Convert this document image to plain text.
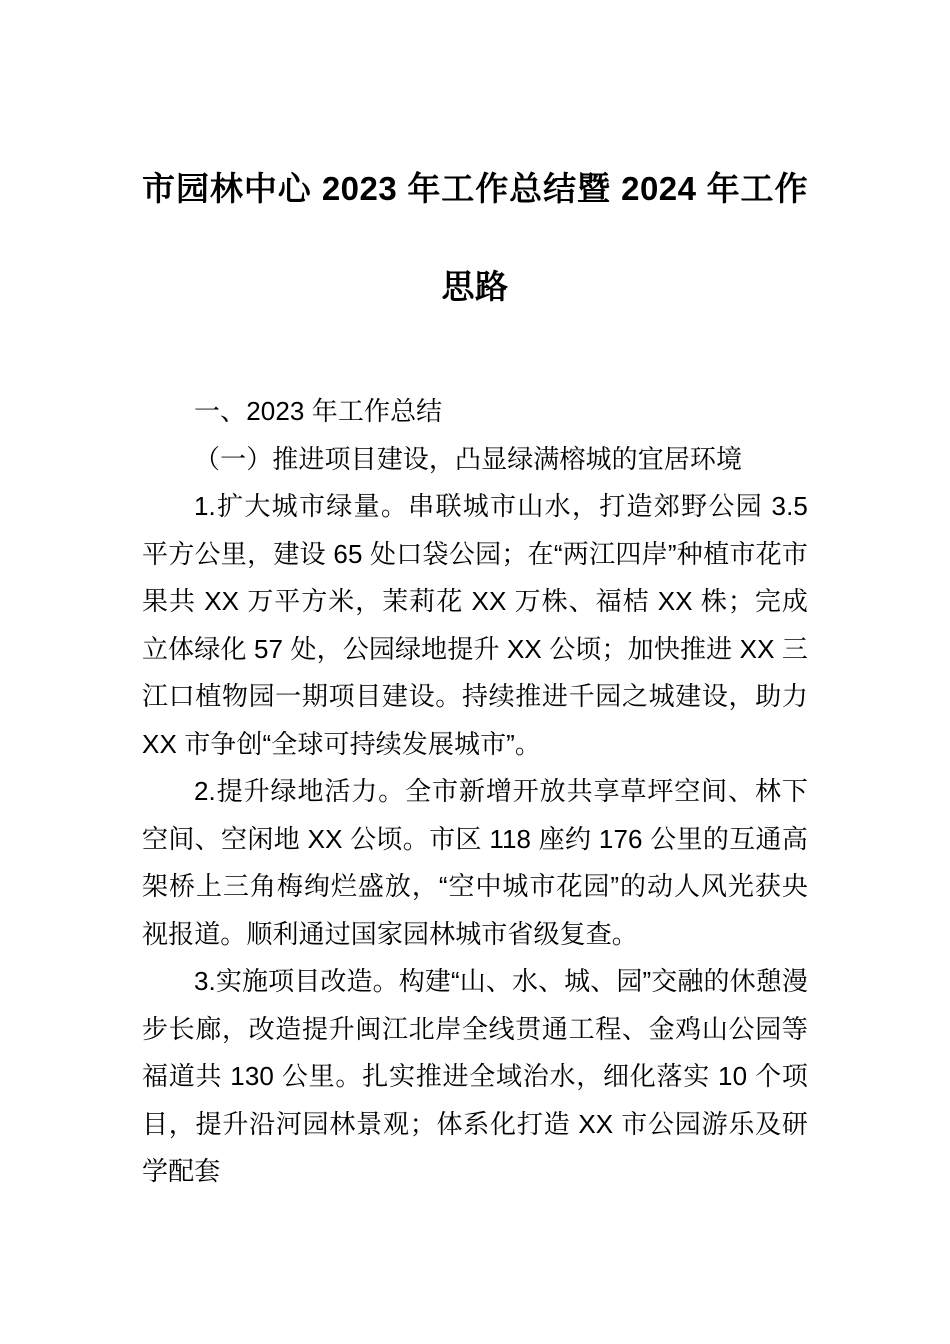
市园林中心 2023 年工作总结暨 2024 年工作
思路

一、2023 年工作总结

（一）推进项目建设，凸显绿满榕城的宜居环境

1.扩大城市绿量。串联城市山水，打造郊野公园 3.5 平方公里，建设 65 处口袋公园；在“两江四岸”种植市花市果共 XX 万平方米，茉莉花 XX 万株、福桔 XX 株；完成立体绿化 57 处，公园绿地提升 XX 公顷；加快推进 XX 三江口植物园一期项目建设。持续推进千园之城建设，助力 XX 市争创“全球可持续发展城市”。

2.提升绿地活力。全市新增开放共享草坪空间、林下空间、空闲地 XX 公顷。市区 118 座约 176 公里的互通高架桥上三角梅绚烂盛放，“空中城市花园”的动人风光获央视报道。顺利通过国家园林城市省级复查。

3.实施项目改造。构建“山、水、城、园”交融的休憩漫步长廊，改造提升闽江北岸全线贯通工程、金鸡山公园等福道共 130 公里。扎实推进全域治水，细化落实 10 个项目，提升沿河园林景观；体系化打造 XX 市公园游乐及研学配套
